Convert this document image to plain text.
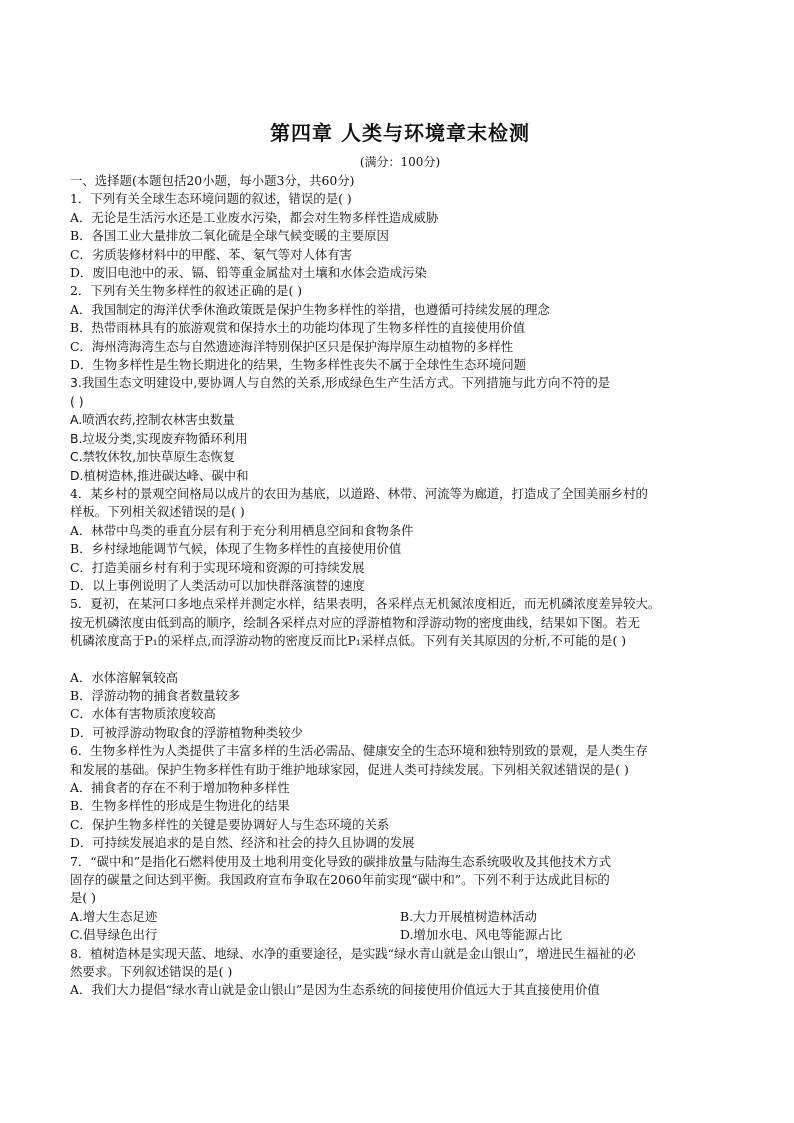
第四章 人类与环境章末检测
(满分：100分)
一、选择题(本题包括20小题，每小题3分，共60分)
1．下列有关全球生态环境问题的叙述，错误的是( )
A．无论是生活污水还是工业废水污染，都会对生物多样性造成威胁
B．各国工业大量排放二氧化硫是全球气候变暖的主要原因
C．劣质装修材料中的甲醛、苯、氡气等对人体有害
D．废旧电池中的汞、镉、铅等重金属盐对土壤和水体会造成污染
2．下列有关生物多样性的叙述正确的是( )
A．我国制定的海洋伏季休渔政策既是保护生物多样性的举措，也遵循可持续发展的理念
B．热带雨林具有的旅游观赏和保持水土的功能均体现了生物多样性的直接使用价值
C．海州湾海湾生态与自然遗迹海洋特别保护区只是保护海岸原生动植物的多样性
D．生物多样性是生物长期进化的结果，生物多样性丧失不属于全球性生态环境问题
3.我国生态文明建设中,要协调人与自然的关系,形成绿色生产生活方式。下列措施与此方向不符的是
( )
A.喷洒农药,控制农林害虫数量
B.垃圾分类,实现废弃物循环利用
C.禁牧休牧,加快草原生态恢复
D.植树造林,推进碳达峰、碳中和
4．某乡村的景观空间格局以成片的农田为基底，以道路、林带、河流等为廊道，打造成了全国美丽乡村的
样板。下列相关叙述错误的是( )
A．林带中鸟类的垂直分层有利于充分利用栖息空间和食物条件
B．乡村绿地能调节气候，体现了生物多样性的直接使用价值
C．打造美丽乡村有利于实现环境和资源的可持续发展
D．以上事例说明了人类活动可以加快群落演替的速度
5．夏初，在某河口多地点采样并测定水样，结果表明，各采样点无机氮浓度相近，而无机磷浓度差异较大。
按无机磷浓度由低到高的顺序，绘制各采样点对应的浮游植物和浮游动物的密度曲线，结果如下图。若无
机磷浓度高于P₁的采样点,而浮游动物的密度反而比P₁采样点低。下列有关其原因的分析,不可能的是( )
A．水体溶解氧较高
B．浮游动物的捕食者数量较多
C．水体有害物质浓度较高
D．可被浮游动物取食的浮游植物种类较少
6．生物多样性为人类提供了丰富多样的生活必需品、健康安全的生态环境和独特别致的景观，是人类生存
和发展的基础。保护生物多样性有助于维护地球家园，促进人类可持续发展。下列相关叙述错误的是( )
A．捕食者的存在不利于增加物种多样性
B．生物多样性的形成是生物进化的结果
C．保护生物多样性的关键是要协调好人与生态环境的关系
D．可持续发展追求的是自然、经济和社会的持久且协调的发展
7．“碳中和”是指化石燃料使用及土地利用变化导致的碳排放量与陆海生态系统吸收及其他技术方式
固存的碳量之间达到平衡。我国政府宣布争取在2060年前实现“碳中和”。下列不利于达成此目标的
是( )
A.增大生态足迹	B.大力开展植树造林活动
C.倡导绿色出行	D.增加水电、风电等能源占比
8．植树造林是实现天蓝、地绿、水净的重要途径，是实践“绿水青山就是金山银山”，增进民生福祉的必
然要求。下列叙述错误的是( )
A．我们大力提倡“绿水青山就是金山银山”是因为生态系统的间接使用价值远大于其直接使用价值
